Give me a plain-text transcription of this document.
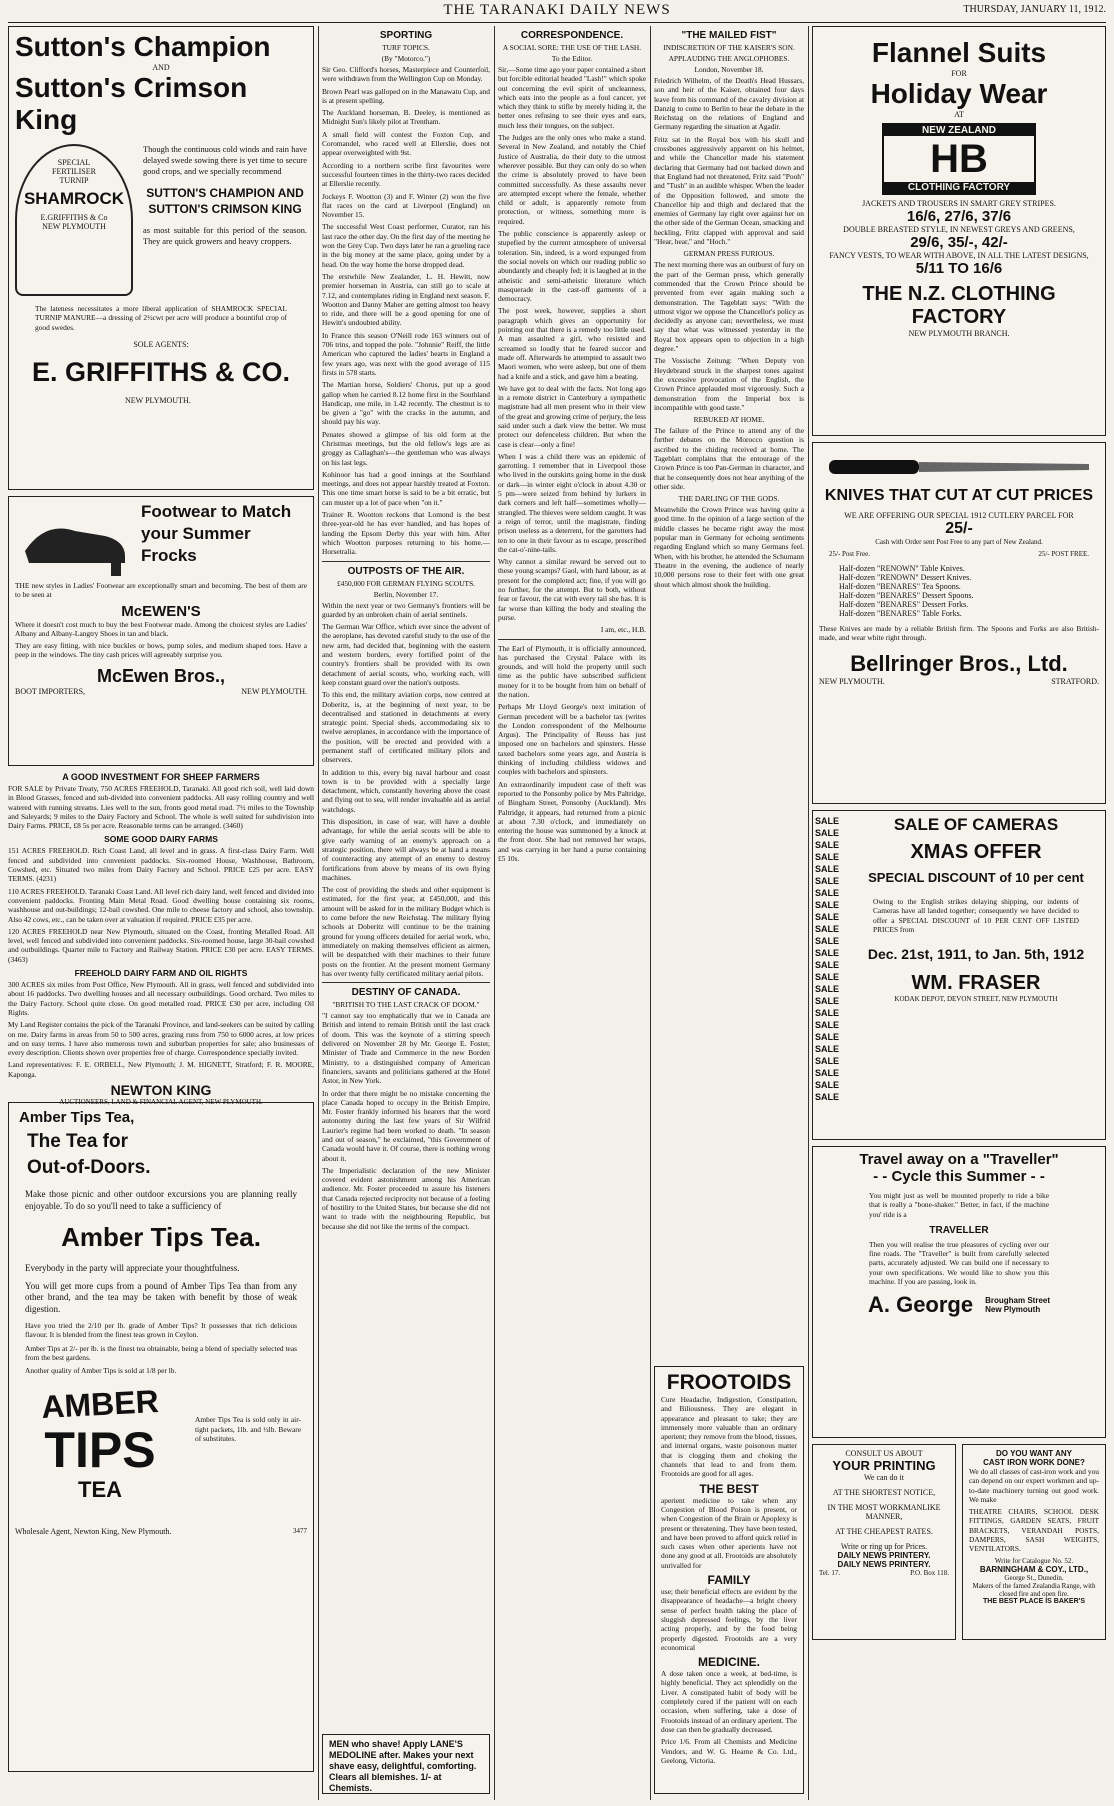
THE TARANAKI DAILY NEWS	THURSDAY, JANUARY 11, 1912.
Sutton's Champion
AND
Sutton's Crimson King
SPECIAL
FERTILISER
TURNIP
SHAMROCK
E.GRIFFITHS & Co
NEW PLYMOUTH

Though the continuous cold winds and rain have delayed swede sowing there is yet time to secure good crops, and we specially recommend

SUTTON'S CHAMPION AND SUTTON'S CRIMSON KING

as most suitable for this period of the season. They are quick growers and heavy croppers.

The lateness necessitates a more liberal application of SHAMROCK SPECIAL TURNIP MANURE—a dressing of 2½cwt per acre will produce a bountiful crop of good swedes.

SOLE AGENTS:
E. GRIFFITHS & CO.
NEW PLYMOUTH.
Footwear to Match your Summer Frocks

THE new styles in Ladies' Footwear are exceptionally smart and becoming. The best of them are to be seen at

McEWEN'S

Where it doesn't cost much to buy the best Footwear made. Among the choicest styles are Ladies' Albany and Albany-Langtry Shoes in tan and black.

They are easy fitting, with nice buckles or bows, pump soles, and medium shaped toes. Have a peep in the windows. The tiny cash prices will agreeably surprise you.

McEwen Bros.,
BOOT IMPORTERS,	NEW PLYMOUTH.
A GOOD INVESTMENT FOR SHEEP FARMERS

FOR SALE by Private Treaty, 750 ACRES FREEHOLD, Taranaki. All good rich soil, well laid down in Blood Grasses, fenced and sub-divided into convenient paddocks. All easy rolling country and well watered with running streams. Lies well to the sun, fronts good metal road. 7½ miles to the Township and Saleyards; 9 miles to the Dairy Factory and School. The whole is well suited for subdivision into Dairy Farms. PRICE, £8 5s per acre. Reasonable terms can be arranged. (3460)

SOME GOOD DAIRY FARMS

151 ACRES FREEHOLD. Rich Coast Land, all level and in grass. A first-class Dairy Farm. Well fenced and subdivided into convenient paddocks. Six-roomed House, Washhouse, Bathroom, Cowshed, etc. Situated two miles from Dairy Factory and School. PRICE £25 per acre. EASY TERMS. (4231)

110 ACRES FREEHOLD. Taranaki Coast Land. All level rich dairy land, well fenced and divided into convenient paddocks. Fronting Main Metal Road. Good dwelling house containing six rooms, washhouse and out-buildings; 12-bail cowshed. One mile to cheese factory and school, also township. Also 42 cows, etc., can be taken over at valuation if required. PRICE £35 per acre.

120 ACRES FREEHOLD near New Plymouth, situated on the Coast, fronting Metalled Road. All level, well fenced and subdivided into convenient paddocks. Six-roomed house, large 30-bail cowshed and outbuildings. Quarter mile to Factory and Railway Station. PRICE £30 per acre. EASY TERMS. (3463)

FREEHOLD DAIRY FARM AND OIL RIGHTS

300 ACRES six miles from Post Office, New Plymouth. All in grass, well fenced and subdivided into about 16 paddocks. Two dwelling houses and all necessary outbuildings. Good orchard. Two miles to the Dairy Factory. School quite close. On good metalled road. PRICE £30 per acre, including Oil Rights.

My Land Register contains the pick of the Taranaki Province, and land-seekers can be suited by calling on me. Dairy farms in areas from 50 to 500 acres, grazing runs from 750 to 6000 acres, at low prices and on easy terms. I have also numerous town and suburban properties for sale; also businesses of every description. Clients shown over properties free of charge. Correspondence specially invited.

Land representatives: F. E. ORBELL, New Plymouth; J. M. HIGNETT, Stratford; F. R. MOORE, Kaponga.

NEWTON KING
AUCTIONEERS, LAND & FINANCIAL AGENT, NEW PLYMOUTH.
Amber Tips Tea,
The Tea for
Out-of-Doors.

Make those picnic and other outdoor excursions you are planning really enjoyable. To do so you'll need to take a sufficiency of

Amber Tips Tea.

Everybody in the party will appreciate your thoughtfulness.

You will get more cups from a pound of Amber Tips Tea than from any other brand, and the tea may be taken with benefit by those of weak digestion.

Have you tried the 2/10 per lb. grade of Amber Tips? It possesses that rich delicious flavour. It is blended from the finest teas grown in Ceylon.

Amber Tips at 2/- per lb. is the finest tea obtainable, being a blend of specially selected teas from the best gardens.

Another quality of Amber Tips is sold at 1/8 per lb.

AMBER
TIPS
TEA

Amber Tips Tea is sold only in air-tight packets, 1lb. and ½lb. Beware of substitutes.

Wholesale Agent, Newton King, New Plymouth.	3477
SPORTING
TURF TOPICS.
(By "Motorco.")

Sir Geo. Clifford's horses, Masterpiece and Counterfoil, were withdrawn from the Wellington Cup on Monday.

Brown Pearl was galloped on in the Manawatu Cup, and is at present spelling.

The Auckland horseman, B. Deeley, is mentioned as Midnight Sun's likely pilot at Trentham.

A small field will contest the Foxton Cup, and Coromandel, who raced well at Ellerslie, does not appear overweighted with 9st.

According to a northern scribe first favourites were successful fourteen times in the thirty-two races decided at Ellerslie recently.

Jockeys F. Wootton (3) and F. Winter (2) won the five flat races on the card at Liverpool (England) on November 15.

The successful West Coast performer, Curator, ran his last race the other day. On the first day of the meeting he won the Grey Cup. Two days later he ran a grueling race in the big money at the same place, going under by a head. On the way home the horse dropped dead.

The erstwhile New Zealander, L. H. Hewitt, now premier horseman in Austria, can still go to scale at 7.12, and contemplates riding in England next season. F. Wootton and Danny Maher are getting almost too heavy to ride, and there will be a good opening for one of Hewitt's undoubted ability.

In France this season O'Neill rode 163 winners out of 706 trins, and topped the pole. "Johnnie" Reiff, the little American who captured the ladies' hearts in England a few years ago, was next with the good average of 115 firsts in 578 starts.

The Martian horse, Soldiers' Chorus, put up a good gallop when he carried 8.12 home first in the Southland Handicap, one mile, in 1.42 recently. The chestnut is to be given a "go" with the cracks in the autumn, and should pay his way.

Penates showed a glimpse of his old form at the Christmas meetings, but the old fellow's legs are as groggy as Callaghan's—the gentleman who was always on his last legs.

Kohinoor has had a good innings at the Southland meetings, and does not appear harshly treated at Foxton. This one time smart horse is said to be a bit erratic, but can muster up a lot of pace when "on it."

Trainer R. Wootton reckons that Lomond is the best three-year-old he has ever handled, and has hopes of landing the Epsom Derby this year with him. After which Wootton purposes returning to his home.—Horsetralia.

OUTPOSTS OF THE AIR.
£450,000 FOR GERMAN FLYING SCOUTS.
Berlin, November 17.

Within the next year or two Germany's frontiers will be guarded by an unbroken chain of aerial sentinels.

The German War Office, which ever since the advent of the aeroplane, has devoted careful study to the use of the new arm, had decided that, beginning with the eastern and western borders, every fortified point of the country's frontiers shall be provided with its own detachment of aerial scouts, who, working each, will keep constant guard over the nation's outposts.

To this end, the military aviation corps, now centred at Doberitz, is, at the beginning of next year, to be decentralised and stationed in detachments at every strategic point. Special sheds, accommodating six to twelve aeroplanes, in accordance with the importance of the position, will be erected and provided with a permanent staff of certificated military pilots and observers.

In addition to this, every big naval harbour and coast town is to be provided with a specially large detachment, which, constantly hovering above the coast and flying out to sea, will render invaluable aid as aerial watchdogs.

This disposition, in case of war, will have a double advantage, for while the aerial scouts will be able to give early warning of an enemy's approach on a strategic position, there will always be at hand a means of counteracting any attempt of an enemy to destroy fortifications from above by means of its own flying machines.

The cost of providing the sheds and other equipment is estimated, for the first year, at £450,000, and this amount will be asked for in the military Budget which is to come before the new Reichstag. The military flying schools at Doberitz will continue to be the training ground for young officers detailed for aerial work, who, immediately on making themselves efficient as airmen, will be despatched with their machines to their future posts on the frontier. At the present moment Germany has over twenty fully certificated military aerial pilots.

DESTINY OF CANADA.
"BRITISH TO THE LAST CRACK OF DOOM."

"I cannot say too emphatically that we in Canada are British and intend to remain British until the last crack of doom. This was the keynote of a stirring speech delivered on November 28 by Mr. George E. Foster, Minister of Trade and Commerce in the new Borden Ministry, to a distinguished company of American financiers, savants and politicians gathered at the Hotel Astor, in New York.

In order that there might be no mistake concerning the place Canada hoped to occupy in the British Empire, Mr. Foster frankly informed his hearers that the word autonomy during the last few years of Sir Wilfrid Laurier's regime had been worked to death. "In season and out of season," he exclaimed, "this Government of Canada would have it. Of course, there is nothing wrong about it.

The Imperialistic declaration of the new Minister covered evident astonishment among his American audience. Mr. Foster proceeded to assure his listeners that Canada rejected reciprocity not because of a feeling of hostility to the United States, but because she did not want to trade with the neighbouring Republic, but because she did not like the terms of the compact.

MEN who shave! Apply LANE'S MEDOLINE after. Makes your next shave easy, delightful, comforting. Clears all blemishes. 1/- at Chemists.
CORRESPONDENCE.
A SOCIAL SORE: THE USE OF THE LASH.
To the Editor.

Sir,—Some time ago your paper contained a short but forcible editorial headed "Lash!" which spoke out concerning the evil spirit of uncleanness, which eats into the people as a foul cancer, yet which they think to stifle by merely hiding it, the better ones refusing to see their eyes and ears, much less their tongues, on the subject.

The Judges are the only ones who make a stand. Several in New Zealand, and notably the Chief Justice of Australia, do their duty to the utmost wherever possible. But they can only do so when the crime is absolutely proved to have been committed successfully. As these assaults never are attempted except where the female, whether child or adult, is apparently remote from protection, or witness, something more is required.

The public conscience is apparently asleep or stupefied by the current atmosphere of universal toleration. Sin, indeed, is a word expunged from the social novels on which our reading public so abundantly and cheaply fed; it is laughed at in the atheistic and semi-atheistic literature which masquerade in the cast-off garments of a democracy.

The post week, however, supplies a short paragraph which gives an opportunity for pointing out that there is a remedy too little used. A man assaulted a girl, who resisted and screamed so loudly that he feared succor and made off. Afterwards he attempted to assault two Maori women, who were asleep, but one of them had a knife and a stick, and gave him a beating.

We have got to deal with the facts. Not long ago in a remote district in Canterbury a sympathetic magistrate had all men present who in their view of the great and growing crime of perjury, the less said under such a dark view the better. We must protect our defenceless children. But when the case is clear—only a fine!

When I was a child there was an epidemic of garrotting. I remember that in Liverpool those who lived in the outskirts going home in the dusk or dark—in winter eight o'clock in about 4.30 or 5 pm—were seized from behind by lurkers in dark corners and left half—sometimes wholly—strangled. The thieves were seldom caught. It was a reign of terror, until the magistrate, finding prison useless as a deterrent, for the garotters had ten to one in their favour as to escape, prescribed the cat-o'-nine-tails.

Why cannot a similar reward be served out to these young scamps? Gaol, with hard labour, as at present for the completed act; fine, if you will go no further, for the attempt. But to both, without fear or favour, the cat with every tail she has. It is far worse than killing the body and stealing the purse.

I am, etc., H.B.

The Earl of Plymouth, it is officially announced, has purchased the Crystal Palace with its grounds, and will hold the property until such time as the public have subscribed sufficient money for it to be bought from him on behalf of the nation.

Perhaps Mr Lloyd George's next imitation of German precedent will be a bachelor tax (writes the London correspondent of the Melbourne Argus). The Principality of Reuss has just imposed one on bachelors and spinsters. Hesse taxed bachelors some years ago, and Austria is thinking of including childless widows and couples with bachelors and spinsters.

An extraordinarily impudent case of theft was reported to the Ponsonby police by Mrs Paltridge, of Bingham Street, Ponsonby (Auckland). Mrs Paltridge, it appears, had returned from a picnic at about 7.30 o'clock, and immediately on entering the house was summoned by a knock at the front door. She had not removed her wraps, and was carrying in her hand a purse containing £5 10s.

"THE MAILED FIST"
INDISCRETION OF THE KAISER'S SON.
APPLAUDING THE ANGLOPHOBES.
London, November 18.

Friedrich Wilhelm, of the Death's Head Hussars, son and heir of the Kaiser, obtained four days leave from his command of the cavalry division at Danzig to come to Berlin to hear the debate in the Reichstag on the relations of England and Germany regarding the situation at Agadir.

Fritz sat in the Royal box with his skull and crossbones aggressively apparent on his helmet, and while the Chancellor made his statement declaring that Germany had not backed down and that England had not threatened, Fritz said "Pooh" and "Tush" in an audible whisper. When the leader of the Opposition followed, and smote the Chancellor hip and thigh and declared that the enemies of Germany lay right over against her on the other side of the German Ocean, smacking and heckling, Fritz clapped with approval and said "Hear, hear," and "Hoch."

GERMAN PRESS FURIOUS.

The next morning there was an outburst of fury on the part of the German press, which generally commended that the Crown Prince should be prevented from ever again making such a demonstration. The Tageblatt says: "With the utmost vigor we oppose the Chancellor's policy as decidedly as anyone can; nevertheless, we must say that what was witnessed yesterday in the Royal box appears open to objection in a high degree."

The Vossische Zeitung: "When Deputy von Heydebrand struck in the sharpest tones against the excessive provocation of the English, the Crown Prince applauded most vigorously. Such a demonstration from the Imperial box is incompatible with good taste."

REBUKED AT HOME.

The failure of the Prince to attend any of the further debates on the Morocco question is ascribed to the chiding received at home. The Tageblatt complains that the entourage of the Crown Prince is too Pan-German in character, and that he consequently does not hear anything of the other side.

THE DARLING OF THE GODS.

Meanwhile the Crown Prince was having quite a good time. In the opinion of a large section of the middle classes he became right away the most popular man in Germany for echoing sentiments regarding England which so many Germans feel. When, with his brother, he attended the Schumann Theatre in the evening, the audience of nearly 10,000 persons rose to their feet with one great shout which almost shook the building.

FROOTOIDS

Cure Headache, Indigestion, Constipation, and Biliousness. They are elegant in appearance and pleasant to take; they are immensely more valuable than an ordinary aperient; they remove from the blood, tissues, and internal organs, waste poisonous matter that is clogging them and choking the channels that lead to and from them. Frootoids are good for all ages.

THE BEST

aperient medicine to take when any Congestion of Blood Poison is present, or when Congestion of the Brain or Apoplexy is present or threatening. They have been tested, and have been proved to afford quick relief in such cases when other aperients have not done any good at all. Frootoids are absolutely unrivalled for

FAMILY

use; their beneficial effects are evident by the disappearance of headache—a bright cheery sense of perfect health taking the place of sluggish depressed feelings, by the liver acting properly, and by the food being properly digested. Frootoids are a very economical

MEDICINE.

A dose taken once a week, at bed-time, is highly beneficial. They act splendidly on the Liver. A constipated habit of body will be completely cured if the patient will on each occasion, when suffering, take a dose of Frootoids instead of an ordinary aperient. The dose can then be gradually decreased.

Price 1/6. From all Chemists and Medicine Vendors, and W. G. Hearne & Co. Ltd., Geelong, Victoria.

Flannel Suits
FOR
Holiday Wear
AT
NEW ZEALAND
HB
CLOTHING FACTORY
JACKETS AND TROUSERS IN SMART GREY STRIPES.
16/6, 27/6, 37/6
DOUBLE BREASTED STYLE, IN NEWEST GREYS AND GREENS,
29/6, 35/-, 42/-
FANCY VESTS, TO WEAR WITH ABOVE, IN ALL THE LATEST DESIGNS,
5/11 TO 16/6
THE N.Z. CLOTHING FACTORY
NEW PLYMOUTH BRANCH.
KNIVES THAT CUT AT CUT PRICES
WE ARE OFFERING OUR SPECIAL 1912 CUTLERY PARCEL FOR
25/-
Cash with Order sent Post Free to any part of New Zealand.
25/- Post Free.	25/- POST FREE.
Half-dozen "RENOWN" Table Knives.
Half-dozen "RENOWN" Dessert Knives.
Half-dozen "BENARES" Tea Spoons.
Half-dozen "BENARES" Dessert Spoons.
Half-dozen "BENARES" Dessert Forks.
Half-dozen "BENARES" Table Forks.

These Knives are made by a reliable British firm. The Spoons and Forks are also British-made, and wear white right through.

Bellringer Bros., Ltd.
NEW PLYMOUTH.	STRATFORD.
SALE
SALE
SALE
SALE
SALE
SALE
SALE
SALE
SALE
SALE
SALE
SALE
SALE
SALE
SALE
SALE
SALE
SALE
SALE
SALE
SALE
SALE
SALE
SALE
SALE OF CAMERAS
XMAS OFFER
SPECIAL DISCOUNT of 10 per cent

Owing to the English strikes delaying shipping, our indents of Cameras have all landed together; consequently we have decided to offer a SPECIAL DISCOUNT of 10 PER CENT OFF LISTED PRICES from

Dec. 21st, 1911, to Jan. 5th, 1912
WM. FRASER
KODAK DEPOT, DEVON STREET, NEW PLYMOUTH
Travel away on a "Traveller"
- - Cycle this Summer - -

You might just as well be mounted properly to ride a bike that is really a "bone-shaker." Better, in fact, if the machine you' ride is a

TRAVELLER

Then you will realise the true pleasures of cycling over our fine roads. The "Traveller" is built from carefully selected parts, accurately adjusted. We can build one if necessary to your own specifications. We would like to show you this machine. If you are passing, look in.

A. George Brougham Street
New Plymouth
CONSULT US ABOUT
YOUR PRINTING
We can do it
AT THE SHORTEST NOTICE,
IN THE MOST WORKMANLIKE MANNER,
AT THE CHEAPEST RATES.
Write or ring up for Prices.
DAILY NEWS PRINTERY.
DAILY NEWS PRINTERY.
Tel. 17.	P.O. Box 118.
DO YOU WANT ANY
CAST IRON WORK DONE?

We do all classes of cast-iron work and you can depend on our expert workmen and up-to-date machinery turning out good work. We make

THEATRE CHAIRS, SCHOOL DESK FITTINGS, GARDEN SEATS, FRUIT BRACKETS, VERANDAH POSTS, DAMPERS, SASH WEIGHTS, VENTILATORS.

Write for Catalogue No. 52.
BARNINGHAM & COY., LTD.,
George St., Dunedin.
Makers of the famed Zealandia Range, with closed fire and open fire.
THE BEST PLACE IS BAKER'S
